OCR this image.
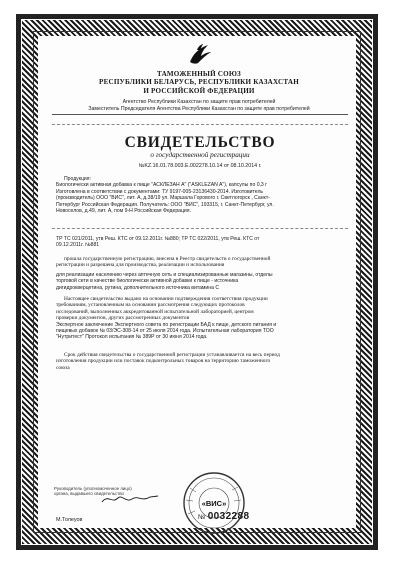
ТАМОЖЕННЫЙ СОЮЗ
РЕСПУБЛИКИ БЕЛАРУСЬ, РЕСПУБЛИКИ КАЗАХСТАН
И РОССИЙСКОЙ ФЕДЕРАЦИИ
Агентство Республики Казахстан по защите прав потребителей
Заместитель Председателя Агентства Республики Казахстан по защите прав потребителей
СВИДЕТЕЛЬСТВО
о государственной регистрации
№KZ.16.01.78.003.E.002278.10.14 от 08.10.2014 г.
Продукция:
Биологически активная добавка к пище "АСКЛЕЗАН А" ("ASKLEZAN A"), капсулы по 0,3 г
Изготовлена в соответствии с документами: ТУ 9197-005-23136430-2014. Изготовитель
(производитель) ООО "ВИС", лит. А, д.38/19 ул. Маршала Горового г. Светлогорск , Санкт-
Петербург Российская Федерация. Получатель: ООО "ВИС", 193315, г. Санкт-Петербург, ул.
Новоселов, д.49, лит. А, пом 9-Н Российская Федерация.
ТР ТС 021/2011, утв Реш. КТС от 09.12.2011г. №880; ТР ТС 022/2011, утв Реш. КТС от
09.12.2011г. №881
прошла государственную регистрацию, внесена в Реестр свидетельств о государственной
регистрации и разрешена для производства, реализации и использования
для реализации населению через аптечную сеть и специализированные магазины, отделы
торговой сети в качестве биологически активной добавки к пище - источника
дигидрокверцетина, рутина, дополнительного источника витамина С
Настоящее свидетельство выдано на основании подтверждения соответствия продукции
требованиям, установленным на основании рассмотрения следующих протоколов
исследований, выполненных аккредитованной испытательной лабораторией, центром
проверки документов, других рассмотренных документов
Экспертное заключение Экспертного совета по регистрации БАД к пище, детского питания и
пищевых добавок № 03/ЭС-308-14 от 25 июля 2014 года. Испытательная лаборатория ТОО
"Нутритест" Протокол испытания № 389Р от 30 июня 2014 года.
Срок действия свидетельства о государственной регистрации устанавливается на весь период
изготовления продукции или поставок подконтрольных товаров на территорию таможенного
союза
Руководитель (уполномоченное лицо)
органа, выдавшего свидетельство
М.Толеуов
«ВИС»
№ 0032288
